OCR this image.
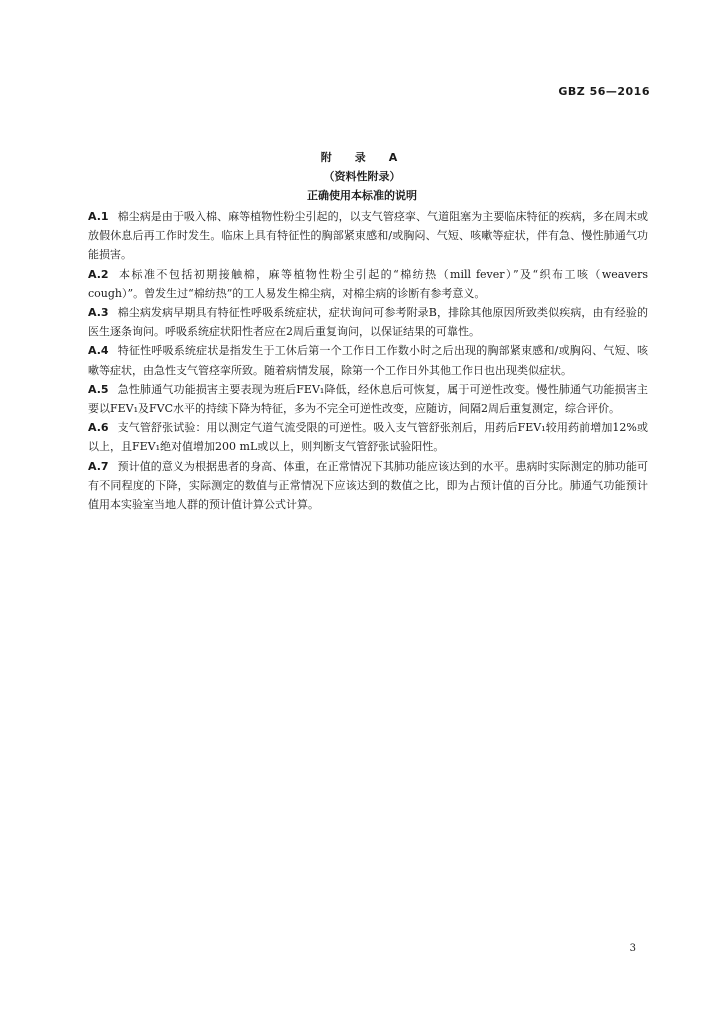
GBZ 56—2016
附　录　A
（资料性附录）
正确使用本标准的说明

A.1 棉尘病是由于吸入棉、麻等植物性粉尘引起的，以支气管痉挛、气道阻塞为主要临床特征的疾病，多在周末或放假休息后再工作时发生。临床上具有特征性的胸部紧束感和/或胸闷、气短、咳嗽等症状，伴有急、慢性肺通气功能损害。

A.2 本标准不包括初期接触棉，麻等植物性粉尘引起的“棉纺热（mill fever）”及“织布工咳（weavers cough）”。曾发生过“棉纺热”的工人易发生棉尘病，对棉尘病的诊断有参考意义。

A.3 棉尘病发病早期具有特征性呼吸系统症状，症状询问可参考附录B，排除其他原因所致类似疾病，由有经验的医生逐条询问。呼吸系统症状阳性者应在2周后重复询问，以保证结果的可靠性。

A.4 特征性呼吸系统症状是指发生于工休后第一个工作日工作数小时之后出现的胸部紧束感和/或胸闷、气短、咳嗽等症状，由急性支气管痉挛所致。随着病情发展，除第一个工作日外其他工作日也出现类似症状。

A.5 急性肺通气功能损害主要表现为班后FEV₁降低，经休息后可恢复，属于可逆性改变。慢性肺通气功能损害主要以FEV₁及FVC水平的持续下降为特征，多为不完全可逆性改变，应随访，间隔2周后重复测定，综合评价。

A.6 支气管舒张试验：用以测定气道气流受限的可逆性。吸入支气管舒张剂后，用药后FEV₁较用药前增加12%或以上，且FEV₁绝对值增加200 mL或以上，则判断支气管舒张试验阳性。

A.7 预计值的意义为根据患者的身高、体重，在正常情况下其肺功能应该达到的水平。患病时实际测定的肺功能可有不同程度的下降，实际测定的数值与正常情况下应该达到的数值之比，即为占预计值的百分比。肺通气功能预计值用本实验室当地人群的预计值计算公式计算。

3
